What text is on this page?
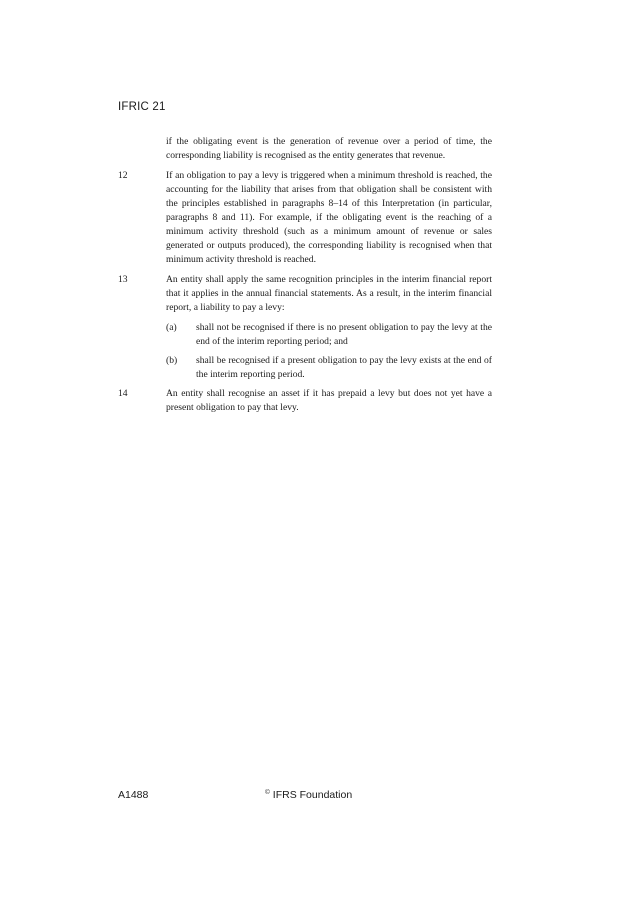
IFRIC 21
if the obligating event is the generation of revenue over a period of time, the corresponding liability is recognised as the entity generates that revenue.
12	If an obligation to pay a levy is triggered when a minimum threshold is reached, the accounting for the liability that arises from that obligation shall be consistent with the principles established in paragraphs 8–14 of this Interpretation (in particular, paragraphs 8 and 11). For example, if the obligating event is the reaching of a minimum activity threshold (such as a minimum amount of revenue or sales generated or outputs produced), the corresponding liability is recognised when that minimum activity threshold is reached.
13	An entity shall apply the same recognition principles in the interim financial report that it applies in the annual financial statements. As a result, in the interim financial report, a liability to pay a levy:
(a)	shall not be recognised if there is no present obligation to pay the levy at the end of the interim reporting period; and
(b)	shall be recognised if a present obligation to pay the levy exists at the end of the interim reporting period.
14	An entity shall recognise an asset if it has prepaid a levy but does not yet have a present obligation to pay that levy.
A1488	© IFRS Foundation
